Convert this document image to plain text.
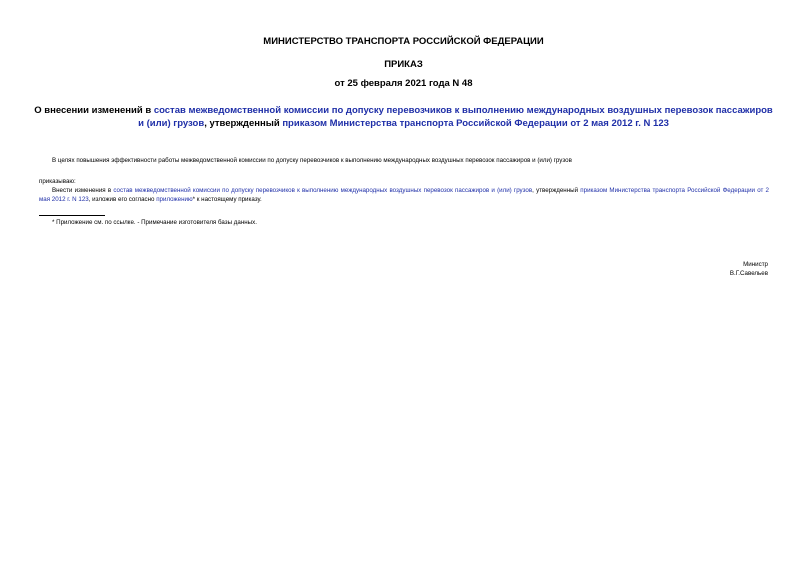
МИНИСТЕРСТВО ТРАНСПОРТА РОССИЙСКОЙ ФЕДЕРАЦИИ
ПРИКАЗ
от 25 февраля 2021 года N 48
О внесении изменений в состав межведомственной комиссии по допуску перевозчиков к выполнению международных воздушных перевозок пассажиров и (или) грузов, утвержденный приказом Министерства транспорта Российской Федерации от 2 мая 2012 г. N 123
В целях повышения эффективности работы межведомственной комиссии по допуску перевозчиков к выполнению международных воздушных перевозок пассажиров и (или) грузов
приказываю:
Внести изменения в состав межведомственной комиссии по допуску перевозчиков к выполнению международных воздушных перевозок пассажиров и (или) грузов, утвержденный приказом Министерства транспорта Российской Федерации от 2 мая 2012 г. N 123, изложив его согласно приложению* к настоящему приказу.
* Приложение см. по ссылке. - Примечание изготовителя базы данных.
Министр
В.Г.Савельев
